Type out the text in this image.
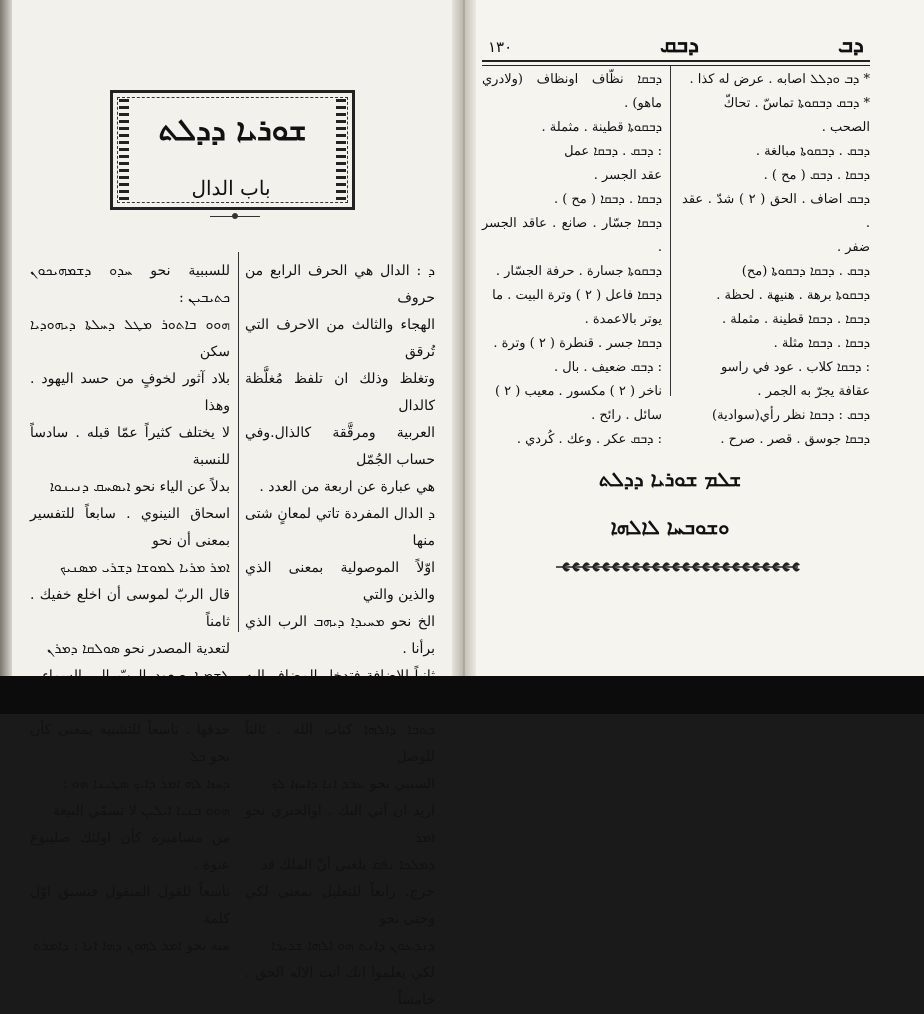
ܫܘܪܝܐ ܕܕܠܬ
باب الدال

ܕ : الدال هي الحرف الرابع من حروف

الهجاء والثالث من الاحرف التي تُرقق

وتغلظ وذلك ان تلفظ مُغلَّظة كالدال

العربية ومرقَّقة كالذال.وفي حساب الجُمّل

هي عبارة عن اربعة من العدد .

ܕ الدال المفردة تاتي لمعانٍ شتى منها

اوّلاً الموصولية بمعنى الذي والذين والتي

الخ نحو ܡܚܝܕܐ ܕܝܗܒ الرب الذي برأنا .

ܟܬܒܐ ܕܐܠܗܐ كتاب الله . ثالثاً للوصل

السببي نحو ܥܒܕ ܐܢܐ ܕܐܚܙܐ ܠܟ

اريد ان آتي اليك . اوالخبري نحو ܐܡܪ

ܕܡܠܟܐ ܢܦܩ بلغني أنّ الملك قد

خرج. رابعاً للتعليل بمعنى لكي وحتى نحو

ܕܢܕܥܘܢ ܕܐܢܬ ܗܘ ܐܠܗܐ ܫܪܝܪܐ

لكي يعلموا انك انت الاله الحق . خامساً

للسببية نحو ܚܕܘ ܕܫܡܗܝܟܘܢ ܟܬܝܒܝܢ :

ܗܘܘ ܒܐܬܘܪ ܡܛܠ ܕܚܠܬܐ ܕܝܗܘܕܝܐ سكن

بلاد آثور لخوفٍ من حسد اليهود . وهذا

لا يختلف كثيراً عمّا قبله . سادساً للنسبة

بدلاً عن الياء نحو ܐܝܣܚܩ ܕܢܝܢܘܐ

اسحاق النينوي . سابعاً للتفسير بمعنى أن نحو

ܐܡܪ ܡܪܝܐ ܠܡܘܫܐ ܕܫܪܝ ܡܣܢܝܟ

قال الربّ لموسى أن اخلع خفيك . ثامناً

لتعدية المصدر نحو ܣܘܠܩܐ ܕܡܪܢ

حذفها . تاسعاً للتشبيه بمعنى كأن نحو ܟܠ

ܕܚܙܐ ܠܗ ܐܡܪ ܕܐܝܟ ܣܛܝܢܐ ܗܘ :

ܗܘܘ ܒܢܝܐ ܐܝܠܝܢ لا تسمّي البيعة

من مساميره كأن اولئك صليبوع عنوة .

تاسعاً للقول المنقول فتسبق اوّل كلمة

منه نحو ܐܡܪ ܠܗܘܢ ܕܗܐ ܐܢܐ : ܕܐܡܪܬ

١٣٠	ܕܒܩ	ܕܒ

* ܕܒ ܘܕܠܠ اصابه . عرض له كذا .

* ܕܒܩ ܕܒܩܘܬܐ تماسّ . تحاكّ

الصحب .

ܕܒܩ . ܕܒܩܘܬܐ مبالغة .

ܕܒܩܐ . ܕܒܩ ( مح ) .

ܕܒܩ اضاف . الحق ( ٢ ) شدّ . عقد .

ضفر .

ܕܒܩ . ܕܒܩܐ ܕܒܩܘܬܐ (مح)

ܕܒܩܘܬܐ برهة . هنيهة . لحظة .

ܕܒܩܐ . ܕܒܩܐ قطينة . مثملة .

ܕܒܩܐ . ܕܒܩܐ مثلة .

: ܕܒܩܐ كلاب . عود في راسو

عقافة يجرّ به الجمر .

ܕܒܩ : ܕܒܩܐ نظر رأي(سوادية)

ܕܒܩܐ جوسق . قصر . صرح .

ܕܒܩܐ نظّاف اونظاف (ولادري ماهو) .

ܕܒܩܘܬܐ قطينة . مثملة .

: ܕܒܩ . ܕܒܩܐ عمل

عقد الجسر .

ܕܒܩܐ . ܕܒܩܐ ( مح ) .

ܕܒܩܐ جسّار . صانع . عاقد الجسر .

ܕܒܩܘܬܐ جسارة . حرفة الجسّار .

ܕܒܩܐ فاعل ( ٢ ) وترة البيت . ما

يوتر بالاعمدة .

ܕܒܩܐ جسر . قنطرة ( ٢ ) وترة .

: ܕܒܩ ضعيف . بال .

ناخر ( ٢ ) مكسور . معيب ( ٢ )

سائل . رائح .

: ܕܒܩ عكر . وعك . كُردي .

ܫܠܡ ܫܘܪܝܐ ܕܕܠܬ

ܘܫܘܒܚܐ ܠܐܠܗܐ
